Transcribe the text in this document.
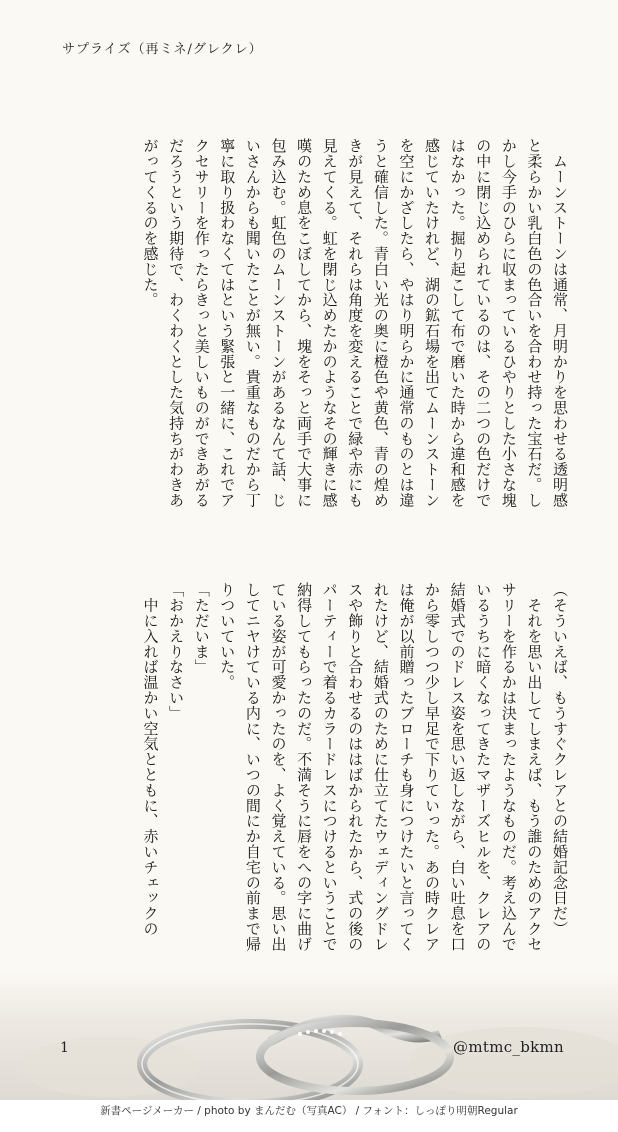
サプライズ（再ミネ/グレクレ）
　ムーンストーンは通常、月明かりを思わせる透明感
と柔らかい乳白色の色合いを合わせ持った宝石だ。し
かし今手のひらに収まっているひやりとした小さな塊
の中に閉じ込められているのは、その二つの色だけで
はなかった。掘り起こして布で磨いた時から違和感を
感じていたけれど、湖の鉱石場を出てムーンストーン
を空にかざしたら、やはり明らかに通常のものとは違
うと確信した。青白い光の奥に橙色や黄色、青の煌め
きが見えて、それらは角度を変えることで緑や赤にも
見えてくる。虹を閉じ込めたかのようなその輝きに感
嘆のため息をこぼしてから、塊をそっと両手で大事に
包み込む。虹色のムーンストーンがあるなんて話、じ
いさんからも聞いたことが無い。貴重なものだから丁
寧に取り扱わなくてはという緊張と一緒に、これでア
クセサリーを作ったらきっと美しいものができあがる
だろうという期待で、わくわくとした気持ちがわきあ
がってくるのを感じた。
（そういえば、もうすぐクレアとの結婚記念日だ）
　それを思い出してしまえば、もう誰のためのアクセ
サリーを作るかは決まったようなものだ。考え込んで
いるうちに暗くなってきたマザーズヒルを、クレアの
結婚式でのドレス姿を思い返しながら、白い吐息を口
から零しつつ少し早足で下りていった。あの時クレア
は俺が以前贈ったブローチも身につけたいと言ってく
れたけど、結婚式のために仕立てたウェディングドレ
スや飾りと合わせるのははばかられたから、式の後の
パーティーで着るカラードレスにつけるということで
納得してもらったのだ。不満そうに唇をへの字に曲げ
ている姿が可愛かったのを、よく覚えている。思い出
してニヤけている内に、いつの間にか自宅の前まで帰
りついていた。
「ただいま」
「おかえりなさい」
　中に入れば温かい空気とともに、赤いチェックの
1	@mtmc_bkmn
新書ページメーカー / photo by まんだむ（写真AC） / フォント：しっぽり明朝Regular
